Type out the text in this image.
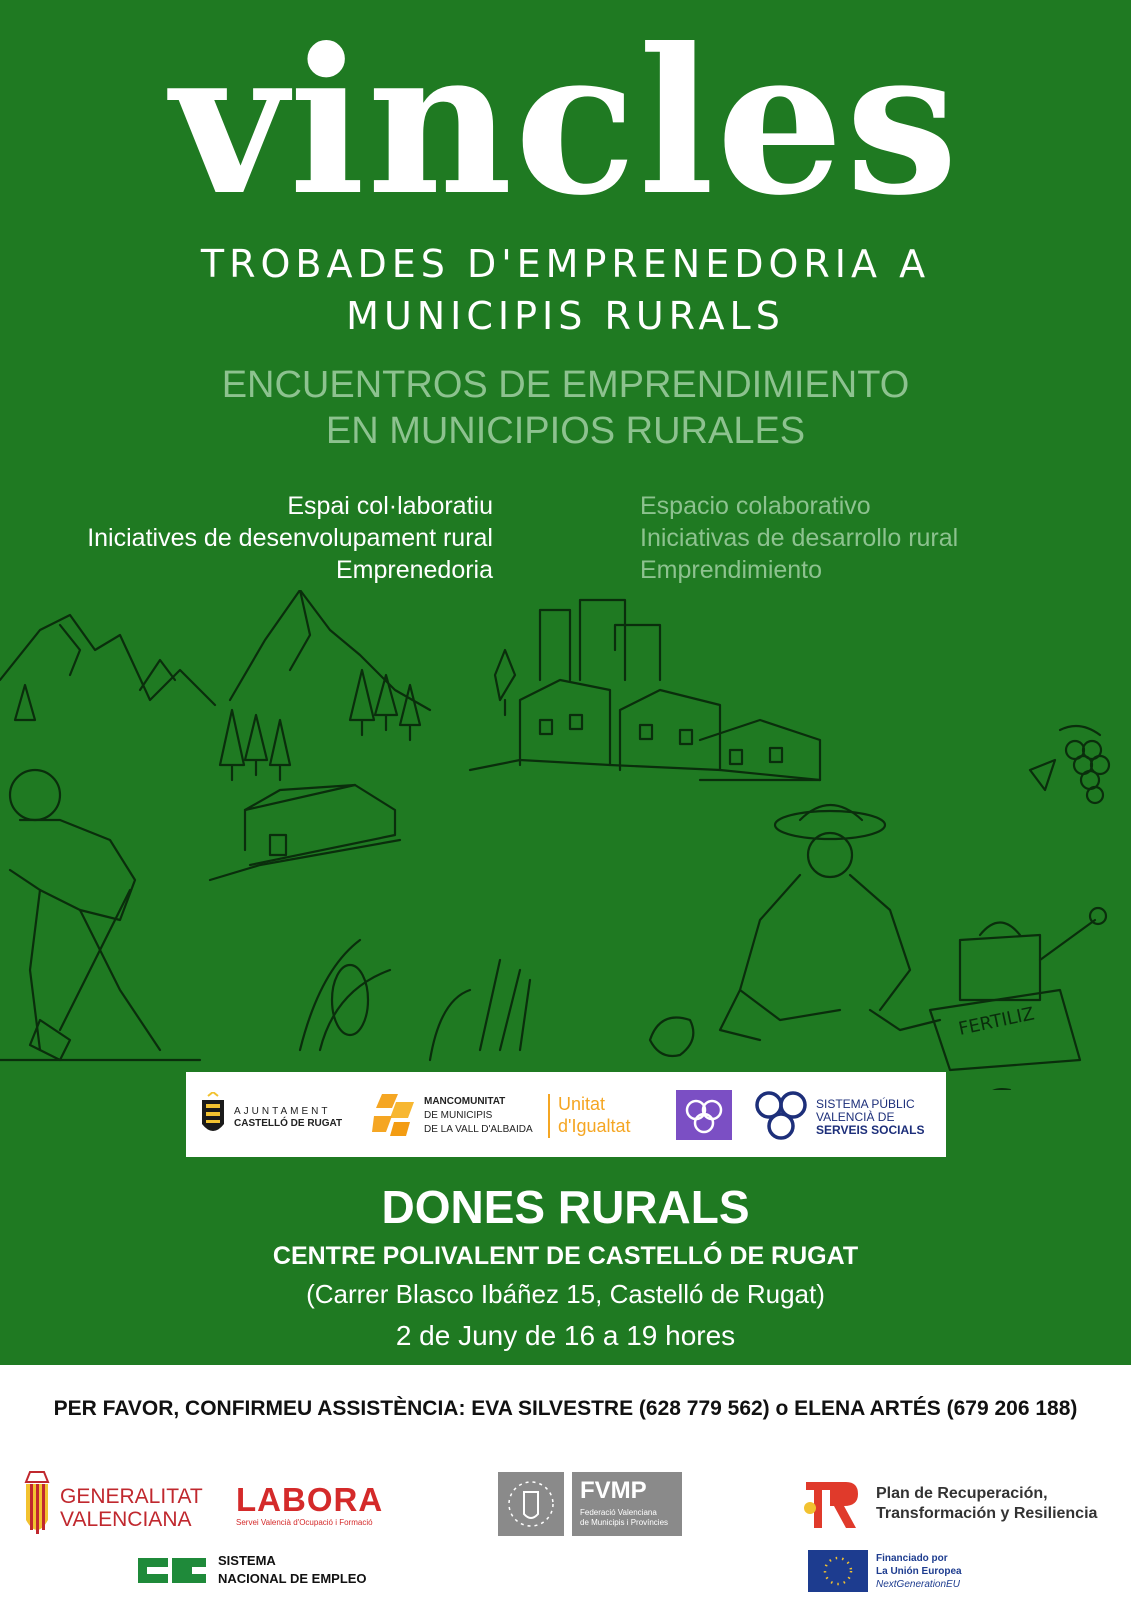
vincles
TROBADES D'EMPRENEDORIA A
MUNICIPIS RURALS
ENCUENTROS DE EMPRENDIMIENTO
EN MUNICIPIOS RURALES
Espai col·laboratiu
Iniciatives de desenvolupament rural
Emprenedoria
Espacio colaborativo
Iniciativas de desarrollo rural
Emprendimiento
FERTILIZ
AJUNTAMENT
CASTELLÓ DE RUGAT
MANCOMUNITAT
DE MUNICIPIS
DE LA VALL D'ALBAIDA
Unitat
d'Igualtat
SISTEMA PÚBLIC
VALENCIÀ DE
SERVEIS SOCIALS
DONES RURALS
CENTRE POLIVALENT DE CASTELLÓ DE RUGAT
(Carrer Blasco Ibáñez 15, Castelló de Rugat)
2 de Juny de 16 a 19 hores
PER FAVOR, CONFIRMEU ASSISTÈNCIA: EVA SILVESTRE (628 779 562) o ELENA ARTÉS (679 206 188)
GENERALITAT
VALENCIANA
LABORA
Servei Valencià d'Ocupació i Formació
SISTEMA
NACIONAL DE EMPLEO
FVMP
Federació Valenciana
de Municipis i Províncies
Plan de Recuperación,
Transformación y Resiliencia
Financiado por
La Unión Europea
NextGenerationEU
